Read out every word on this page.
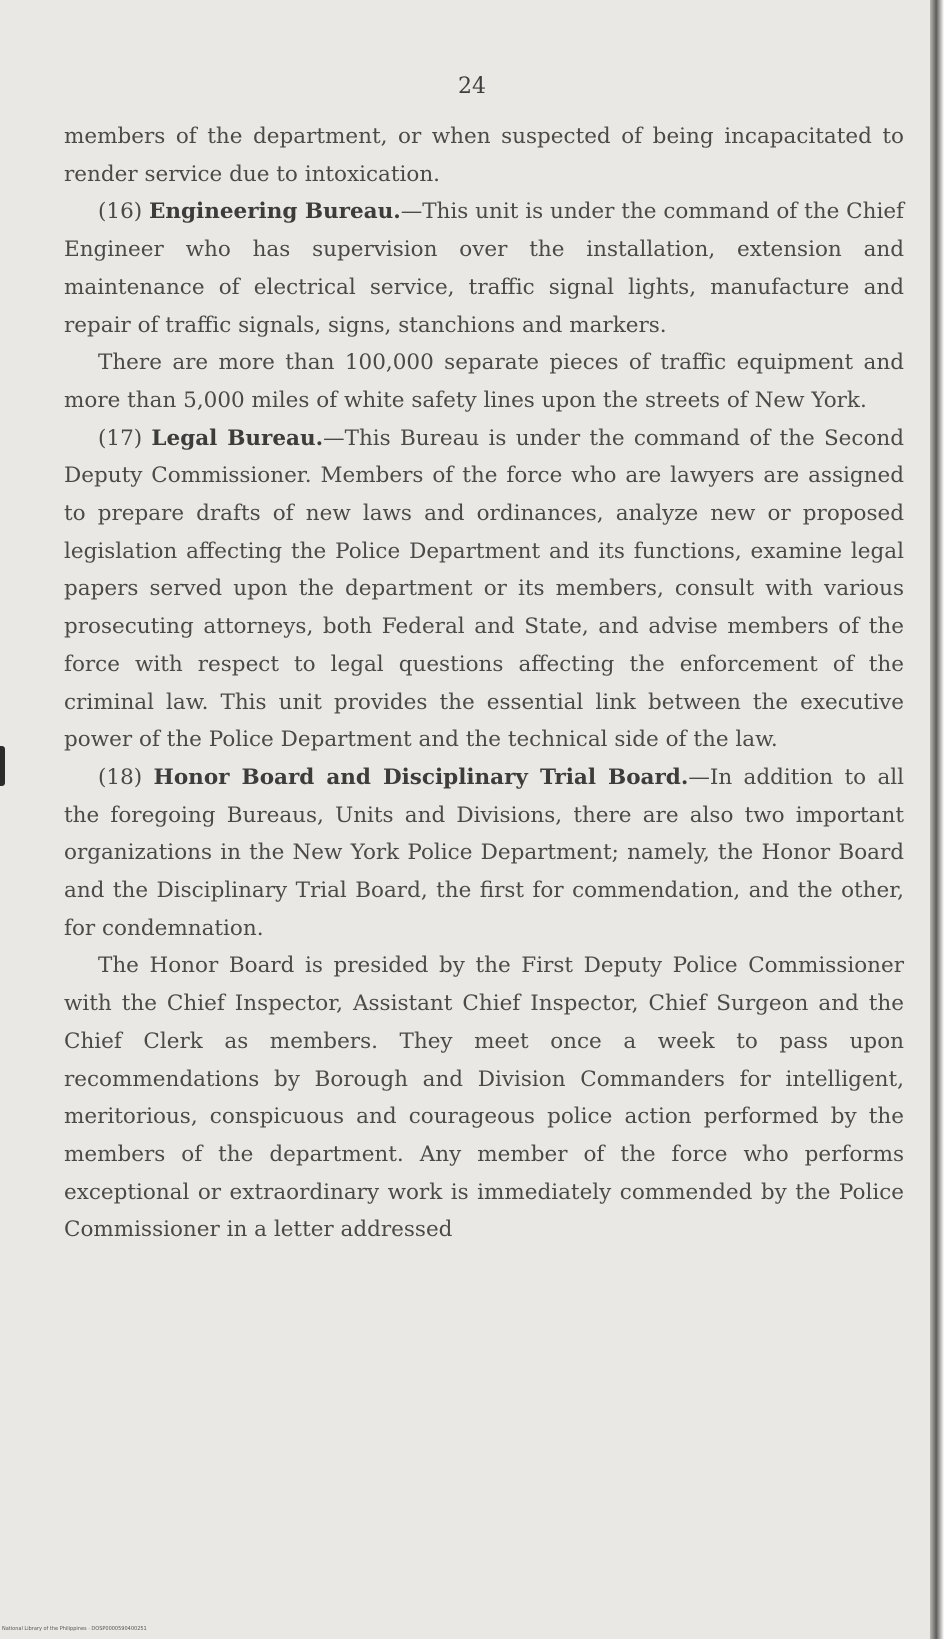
24

members of the department, or when suspected of being incapacitated to render service due to intoxication.

(16) Engineering Bureau.—This unit is under the command of the Chief Engineer who has supervision over the installation, extension and maintenance of electrical service, traffic signal lights, manufacture and repair of traffic signals, signs, stanchions and markers.

There are more than 100,000 separate pieces of traffic equipment and more than 5,000 miles of white safety lines upon the streets of New York.

(17) Legal Bureau.—This Bureau is under the command of the Second Deputy Commissioner. Members of the force who are lawyers are assigned to prepare drafts of new laws and ordinances, analyze new or proposed legislation affecting the Police Department and its functions, examine legal papers served upon the department or its members, consult with various prosecuting attorneys, both Federal and State, and advise members of the force with respect to legal questions affecting the enforcement of the criminal law. This unit provides the essential link between the executive power of the Police Department and the technical side of the law.

(18) Honor Board and Disciplinary Trial Board.—In addition to all the foregoing Bureaus, Units and Divisions, there are also two important organizations in the New York Police Department; namely, the Honor Board and the Disciplinary Trial Board, the first for commendation, and the other, for condemnation.

The Honor Board is presided by the First Deputy Police Commissioner with the Chief Inspector, Assistant Chief Inspector, Chief Surgeon and the Chief Clerk as members. They meet once a week to pass upon recommendations by Borough and Division Commanders for intelligent, meritorious, conspicuous and courageous police action performed by the members of the department. Any member of the force who performs exceptional or extraordinary work is immediately commended by the Police Commissioner in a letter addressed

National Library of the Philippines · DOSP0000590400251
